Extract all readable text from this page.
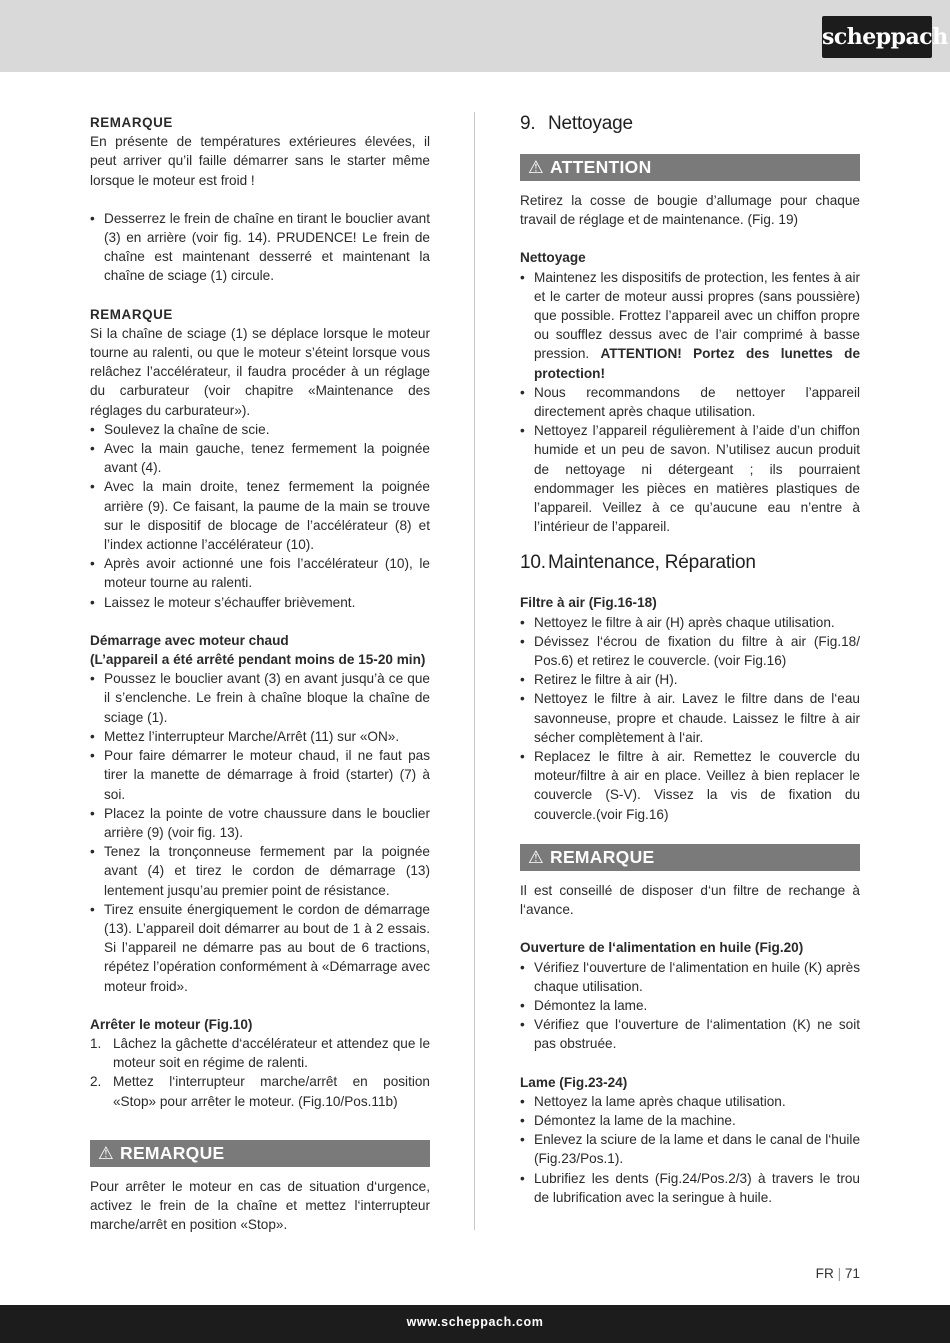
scheppach

REMARQUE

En présente de températures extérieures élevées, il peut arriver qu’il faille démarrer sans le starter même lorsque le moteur est froid !

• Desserrez le frein de chaîne en tirant le bouclier avant (3) en arrière (voir fig. 14). PRUDENCE! Le frein de chaîne est maintenant desserré et maintenant la chaîne de sciage (1) circule.

REMARQUE

Si la chaîne de sciage (1) se déplace lorsque le moteur tourne au ralenti, ou que le moteur s’éteint lorsque vous relâchez l’accélérateur, il faudra procéder à un réglage du carburateur (voir chapitre «Maintenance des réglages du carburateur»).

• Soulevez la chaîne de scie.
• Avec la main gauche, tenez fermement la poignée avant (4).
• Avec la main droite, tenez fermement la poignée arrière (9). Ce faisant, la paume de la main se trouve sur le dispositif de blocage de l’accélérateur (8) et l’index actionne l’accélérateur (10).
• Après avoir actionné une fois l’accélérateur (10), le moteur tourne au ralenti.
• Laissez le moteur s’échauffer brièvement.

Démarrage avec moteur chaud

(L’appareil a été arrêté pendant moins de 15-20 min)

• Poussez le bouclier avant (3) en avant jusqu’à ce que il s’enclenche. Le frein à chaîne bloque la chaîne de sciage (1).
• Mettez l’interrupteur Marche/Arrêt (11) sur «ON».
• Pour faire démarrer le moteur chaud, il ne faut pas tirer la manette de démarrage à froid (starter) (7) à soi.
• Placez la pointe de votre chaussure dans le bouclier arrière (9) (voir fig. 13).
• Tenez la tronçonneuse fermement par la poignée avant (4) et tirez le cordon de démarrage (13) lentement jusqu’au premier point de résistance.
• Tirez ensuite énergiquement le cordon de démarrage (13). L’appareil doit démarrer au bout de 1 à 2 essais. Si l’appareil ne démarre pas au bout de 6 tractions, répétez l’opération conformément à «Démarrage avec moteur froid».

Arrêter le moteur (Fig.10)

1. Lâchez la gâchette d‘accélérateur et attendez que le moteur soit en régime de ralenti.
2. Mettez l‘interrupteur marche/arrêt en position «Stop» pour arrêter le moteur. (Fig.10/Pos.11b)
⚠ REMARQUE

Pour arrêter le moteur en cas de situation d‘urgence, activez le frein de la chaîne et mettez l‘interrupteur marche/arrêt en position «Stop».

9. Nettoyage
⚠ ATTENTION

Retirez la cosse de bougie d’allumage pour chaque travail de réglage et de maintenance. (Fig. 19)

Nettoyage

• Maintenez les dispositifs de protection, les fentes à air et le carter de moteur aussi propres (sans poussière) que possible. Frottez l’appareil avec un chiffon propre ou soufflez dessus avec de l’air comprimé à basse pression. ATTENTION! Portez des lunettes de protection!
• Nous recommandons de nettoyer l’appareil directement après chaque utilisation.
• Nettoyez l’appareil régulièrement à l’aide d’un chiffon humide et un peu de savon. N’utilisez aucun produit de nettoyage ni détergeant ; ils pourraient endommager les pièces en matières plastiques de l’appareil. Veillez à ce qu’aucune eau n’entre à l’intérieur de l’appareil.
10. Maintenance, Réparation

Filtre à air (Fig.16-18)

• Nettoyez le filtre à air (H) après chaque utilisation.
• Dévissez l‘écrou de fixation du filtre à air (Fig.18/ Pos.6) et retirez le couvercle. (voir Fig.16)
• Retirez le filtre à air (H).
• Nettoyez le filtre à air. Lavez le filtre dans de l‘eau savonneuse, propre et chaude. Laissez le filtre à air sécher complètement à l‘air.
• Replacez le filtre à air. Remettez le couvercle du moteur/filtre à air en place. Veillez à bien replacer le couvercle (S-V). Vissez la vis de fixation du couvercle.(voir Fig.16)
⚠ REMARQUE

Il est conseillé de disposer d‘un filtre de rechange à l‘avance.

Ouverture de l‘alimentation en huile (Fig.20)

• Vérifiez l‘ouverture de l‘alimentation en huile (K) après chaque utilisation.
• Démontez la lame.
• Vérifiez que l‘ouverture de l‘alimentation (K) ne soit pas obstruée.

Lame (Fig.23-24)

• Nettoyez la lame après chaque utilisation.
• Démontez la lame de la machine.
• Enlevez la sciure de la lame et dans le canal de l‘huile (Fig.23/Pos.1).
• Lubrifiez les dents (Fig.24/Pos.2/3) à travers le trou de lubrification avec la seringue à huile.
FR | 71
www.scheppach.com
